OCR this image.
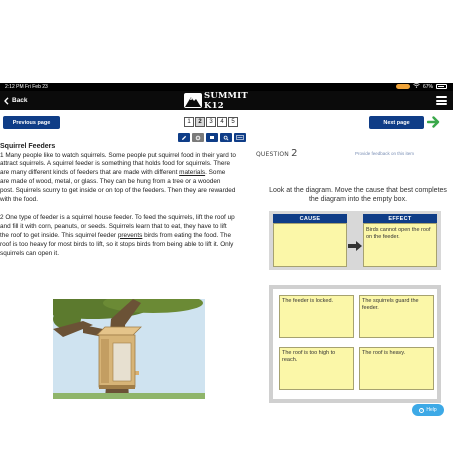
2:12 PM Fri Feb 23	67%
Back	SUMMIT K12
Previous page	1	2	3	4	5	Next page
Squirrel Feeders

1 Many people like to watch squirrels. Some people put squirrel food in their yard to attract squirrels. A squirrel feeder is something that holds food for squirrels. There are many different kinds of feeders that are made with different materials. Some are made of wood, metal, or glass. They can be hung from a tree or a wooden post. Squirrels scurry to get inside or on top of the feeders. Then they are rewarded with the food.

2 One type of feeder is a squirrel house feeder. To feed the squirrels, lift the roof up and fill it with corn, peanuts, or seeds. Squirrels learn that to eat, they have to lift the roof to get inside. This squirrel feeder prevents birds from eating the food. The roof is too heavy for most birds to lift, so it stops birds from being able to lift it. Only squirrels can open it.

QUESTION 2	Provide feedback on this item
Look at the diagram. Move the cause that best completes the diagram into the empty box.
CAUSE	EFFECT
Birds cannot open the roof on the feeder.
The feeder is locked.	The squirrels guard the feeder.
The roof is too high to reach.
The roof is heavy.
? Help
